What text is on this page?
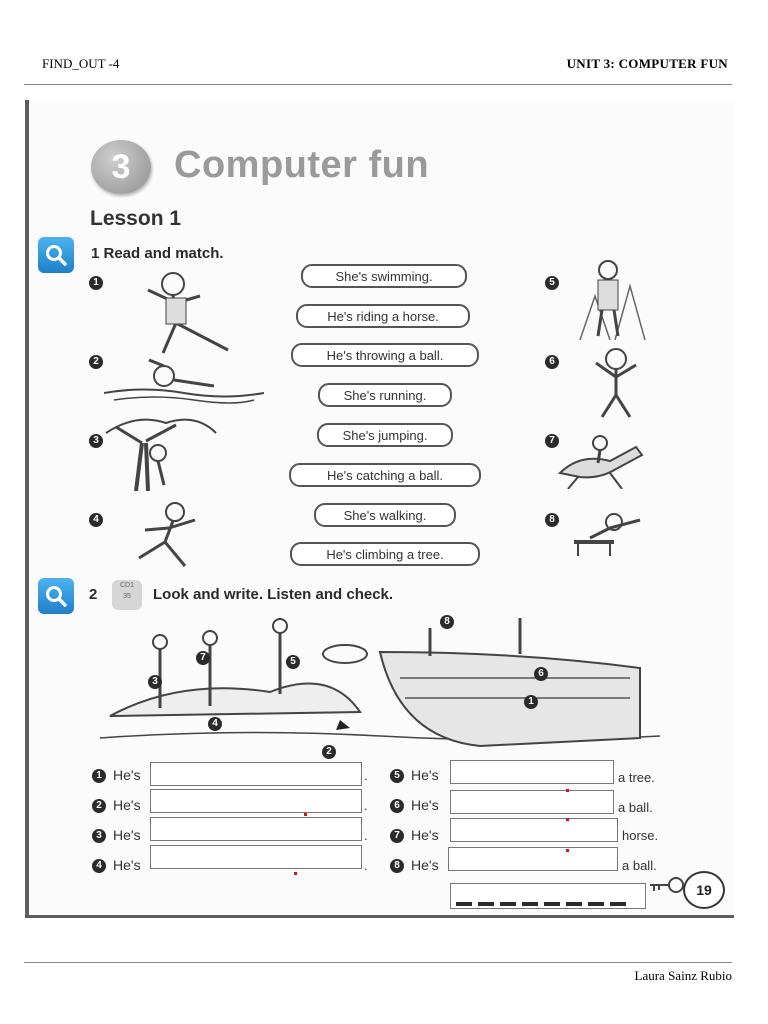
FIND_OUT -4	UNIT 3: COMPUTER FUN
3	Computer fun
Lesson 1
1 Read and match.
1
2
3
4
5
6
7
8
She's swimming.
He's riding a horse.
He's throwing a ball.
She's running.
She's jumping.
He's catching a ball.
She's walking.
He's climbing a tree.
2
CD1
35	Look and write. Listen and check.
1
2
3
4
5
6
7
8
1 He's	.
2 He's	.
3 He's	.
4 He's	.
5 He's	a tree.
6 He's	a ball.
7 He's	horse.
8 He's	a ball.
19
Laura Sainz Rubio
